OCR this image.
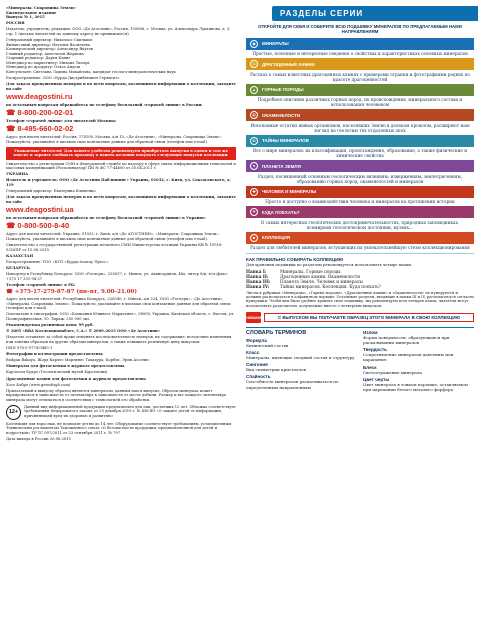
«Минералы. Сокровища Земли»
Еженедельное издание
Выпуск № 1, 2015

РОССИЯ

Издатель, учредитель, редакция: ООО «Де Агостини», Россия, 105066, г. Москва, ул. Александра Лукьянова, д. 3, стр. 1 (письма читателей по данному адресу не принимаются)

Генеральный директор: Николаос Скилакис
Финансовый директор: Наталья Васильева
Коммерческий директор: Александр Якутов
Главный редактор: Анастасия Жаркова
Старший редактор: Дарья Клинг
Менеджер по маркетингу: Михаил Ткачук
Менеджер по продукту: Ольга Андеш
Консультант: Светлана Ладина Михайлова, кандидат геолого-минералогических наук

Распространение: ООО «Бурда Дистрибьюшен Сервисиз»

Для заказа пропущенных номеров и по всем вопросам, касающимся информации о коллекции, заходите на сайт

www.deagostini.ru

по остальным вопросам обращайтесь по телефону бесплатной «горячей линии» в России:

☎ 8-800-200-02-01

Телефон «горячей линии» для читателей Москвы:

☎ 8-495-660-02-02

Адрес для писем читателей: Россия, 170100, Москва, а/я 15, «Де Агостини», «Минералы. Сокровища Земли». Пожалуйста, указывайте в письмах свои контактные данные для обратной связи (телефон или e-mail).

Уважаемые читатели! Для вашего удобства рекомендуем приобретать выпуски в одном и том же киоске и заранее сообщать продавцу о вашем желании покупать следующие выпуски коллекции.

Свидетельство о регистрации СМИ в Федеральной службе по надзору в сфере связи, информационных технологий и массовых коммуникаций (Роскомнадзор) ПИ № ФС 77-44600 от 20.04.2011 г.

УКРАИНА

Издатель и учредитель: ООО «Де Агостини Паблишинг» Украина, 01032, г. Киев, ул. Саксаганского, д. 119

Генеральный директор: Екатерина Клименко

Для заказа пропущенных номеров и по всем вопросам, касающимся информации о коллекции, заходите на сайт

www.deagostini.ua

по остальным вопросам обращайтесь по телефону бесплатной «горячей линии» в Украине:

☎ 0-800-500-8-40

Адрес для писем читателей: Украина, 01033, г. Киев, а/я «Де АГОСТИНИ», «Минералы. Сокровища Земли». Пожалуйста, указывайте в письмах свои контактные данные для обратной связи (телефон или e-mail).

Свидетельство о государственной регистрации печатного СМИ Министерства юстиции Украины КВ № 19516-9316ПР от 10.08.2010

КАЗАХСТАН

Распространение: ТОО «КГП «Бурда-Алатау Пресс»

БЕЛАРУСЬ

Импортер в Республику Беларусь: ООО «Росчерк», 220037, г. Минск, ул. Авангардная, 48а, литер 8/к, тел./факс: +375 17 331-94-27

Телефон «горячей линии» в РБ:

☎ +375-17-279-87-87 (пн–пт, 9.00–21.00)

Адрес для писем читателей: Республика Беларусь, 220040, г. Минск, а/я 224, ООО «Росчерк», «Де Агостини», «Минералы. Сокровища Земли». Пожалуйста, указывайте в письмах свои контактные данные для обратной связи (телефон или e-mail).

Отпечатано в типографии: ООО «Компания Юнивест Маркетинг», 08500, Украина, Киевская область, г. Фастов, ул. Полиграфическая, 10. Тираж: 250 000 экз.

Рекомендуемая розничная цена: 99 руб.

© 2005 «RBA Коллекционаблес, С.А.» © 2009–2015 ООО «Де Агостини»

Издатель оставляет за собой право изменять последовательность номеров, их содержание, вследствие изменения или замены образцов на другие образцы минералов, а также повышать розничную цену выпусков.

ISSN 978-5-9774-0485-1

Фотографии и иллюстрации предоставлены:

Bodgan Bakaya, Жорд Карлес Мартинес Тахадура, Корбис, Эрик Ассенис

Минералы для фотосъемки в журнале предоставлены

Карлосом Будро (Геологический музей Барселоны)

Драгоценные камни для фотосъемки в журнале предоставлены

Хосе Кабре (www.gemsfrigh.com)

Прилагаемый к выпуску образец является минералом, данным нам в выпуске. Образец минерала может варьироваться в зависимости от экземпляра в зависимости от места добычи. Размер и вес каждого экземпляра минерала могут отличаться в соответствии с технологией его обработки.

12+
Данный вид информационной продукции предназначен для лиц, достигших 12 лет. Обложка соответствует требованиям Федерального закона от 29 декабря 2010 г. № 436-ФЗ «О защите детей от информации, причиняющей вред их здоровью и развитию»

Коллекция для взрослых, не подходит детям до 14 лет. Оборудование соответствует требованиям, установленным Техническим регламентом Таможенного союза «О безопасности продукции, предназначенной для детей и подростков» ТР ТС 007/2011 от 23 сентября 2011 г. № 797

Дата выхода в России 20.08.2015

РАЗДЕЛЫ СЕРИИ
ОТКРОЙТЕ ДЛЯ СЕБЯ И СОБЕРИТЕ ВСЮ ПОДШИВКУ МИНЕРАЛОВ ПО ПРЕДЛАГАЕМЫМ НАМИ НАПРАВЛЕНИЯМ
◆	МИНЕРАЛЫ
Простые, полезные и интересные сведения о свойствах и характеристиках основных минералов
◇	ДРАГОЦЕННЫЕ КАМНИ
Рассказ о самых известных драгоценных камнях с примерами огранки и фотографиями редких по красоте драгоценностей
▲	ГОРНЫЕ ПОРОДЫ
Подробное описание различных горных пород, их происхождения, минерального состава и использования человеком
◎	ОКАМЕНЕЛОСТИ
Ископаемые остатки живых организмов, населявших Землю в далеком прошлом, расширяют наш взгляд на геологию тех отдаленных эпох
⊙	ТАЙНЫ МИНЕРАЛОВ
Все о мире минералов: их классификация, происхождение, образование, а также физические и химические свойства
●	ПЛАНЕТА ЗЕМЛЯ
Раздел, посвященный основным геологическим явлениям: извержениям, землетрясениям, образованию горных пород, окаменелостей и минералов
✚	ЧЕЛОВЕК И МИНЕРАЛЫ
Просто и доступно о взаимодействии человека и минералов на протяжении истории
✦	КУДА ПОЕХАТЬ?
О самых интересных геологических достопримечательностях, природных заповедниках, всемирном геологическом достоянии, музеях...
■	КОЛЛЕКЦИЯ
Раздел для любителей минералов, вступающих на увлекательнейшую стезю коллекционирования
КАК ПРАВИЛЬНО СОБИРАТЬ КОЛЛЕКЦИЮ
Для хранения подшивки по разделам рекомендуется использовать четыре папки.
Папка I:	Минералы. Горные породы
Папка II:	Драгоценные камни. Окаменелости
Папка III:	Планета Земля. Человек и минералы
Папка IV:	Тайны минералов. Коллекция. Куда поехать?
Листы в рубриках «Минералы», «Горные породы», «Драгоценные камни» и «Окаменелости» не нумеруются и должны располагаться в алфавитном порядке. Остальные разделы, входящие в папки III и IV, располагаются согласно нумерации. Чтобы вам было удобнее хранить свою подшивку, мы рекомендуем всех четырех папок, читатели могут использовать разделители, получаемые вместе с четвертым выпуском.
ВНИМАНИЕ	С ВЫПУСКОМ ВЫ ПОЛУЧАЕТЕ ОБРАЗЕЦ ЭТОГО МИНЕРАЛА В СВОЮ КОЛЛЕКЦИЮ
СЛОВАРЬ ТЕРМИНОВ
Формула
Химический состав
Класс
Минералы, имеющие сходный состав и структуру
Сингония
Вид симметрии кристаллов
Спайность
Способность минералов раскалываться по определенным направлениям
Излом
Форма поверхности, образующаяся при раскалывании минералов
Твердость
Сопротивление минералов давлению или царапанью
Блеск
Светоотражение минерала
Цвет черты
Цвет минерала в тонком порошке, оставляемом при царапании белого матового фарфора
